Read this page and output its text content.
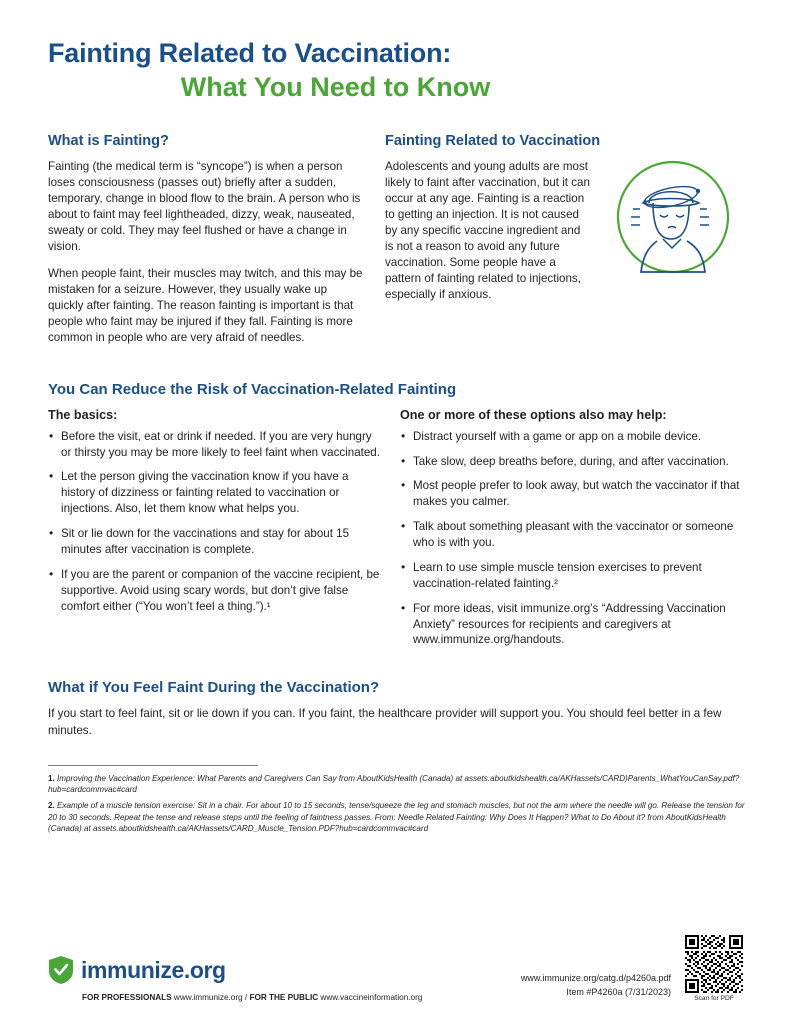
Fainting Related to Vaccination:
What You Need to Know
What is Fainting?

Fainting (the medical term is “syncope”) is when a person loses consciousness (passes out) briefly after a sudden, temporary, change in blood flow to the brain. A person who is about to faint may feel lightheaded, dizzy, weak, nauseated, sweaty or cold. They may feel flushed or have a change in vision.

When people faint, their muscles may twitch, and this may be mistaken for a seizure. However, they usually wake up quickly after fainting. The reason fainting is important is that people who faint may be injured if they fall. Fainting is more common in people who are very afraid of needles.

Fainting Related to Vaccination

Adolescents and young adults are most likely to faint after vaccination, but it can occur at any age. Fainting is a reaction to getting an injection. It is not caused by any specific vaccine ingredient and is not a reason to avoid any future vaccination. Some people have a pattern of fainting related to injections, especially if anxious.

You Can Reduce the Risk of Vaccination-Related Fainting
The basics:
• Before the visit, eat or drink if needed. If you are very hungry or thirsty you may be more likely to feel faint when vaccinated.
• Let the person giving the vaccination know if you have a history of dizziness or fainting related to vaccination or injections. Also, let them know what helps you.
• Sit or lie down for the vaccinations and stay for about 15 minutes after vaccination is complete.
• If you are the parent or companion of the vaccine recipient, be supportive. Avoid using scary words, but don’t give false comfort either (“You won’t feel a thing.”).¹
One or more of these options also may help:
• Distract yourself with a game or app on a mobile device.
• Take slow, deep breaths before, during, and after vaccination.
• Most people prefer to look away, but watch the vaccinator if that makes you calmer.
• Talk about something pleasant with the vaccinator or someone who is with you.
• Learn to use simple muscle tension exercises to prevent vaccination-related fainting.²
• For more ideas, visit immunize.org’s “Addressing Vaccination Anxiety” resources for recipients and caregivers at www.immunize.org/handouts.
What if You Feel Faint During the Vaccination?

If you start to feel faint, sit or lie down if you can. If you faint, the healthcare provider will support you. You should feel better in a few minutes.

1. Improving the Vaccination Experience: What Parents and Caregivers Can Say from AboutKidsHealth (Canada) at assets.aboutkidshealth.ca/AKHassets/CARD)Parents_WhatYouCanSay.pdf?hub=cardcommvac#card

2. Example of a muscle tension exercise: Sit in a chair. For about 10 to 15 seconds, tense/squeeze the leg and stomach muscles, but not the arm where the needle will go. Release the tension for 20 to 30 seconds. Repeat the tense and release steps until the feeling of faintness passes. From: Needle Related Fainting: Why Does It Happen? What to Do About it? from AboutKidsHealth (Canada) at assets.aboutkidshealth.ca/AKHassets/CARD_Muscle_Tension.PDF?hub=cardcommvac#card

immunize.org
FOR PROFESSIONALS www.immunize.org / FOR THE PUBLIC www.vaccineinformation.org
www.immunize.org/catg.d/p4260a.pdf
Item #P4260a (7/31/2023)
Scan for PDF
